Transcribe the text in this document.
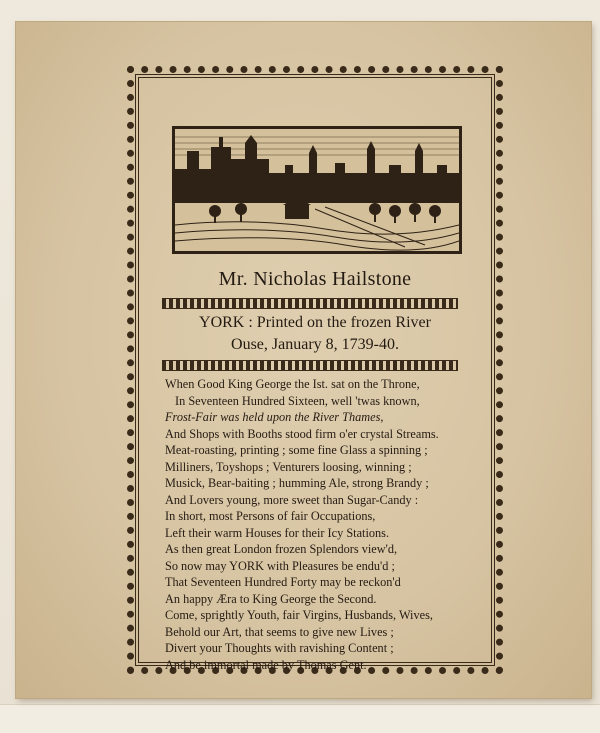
Mr. Nicholas Hailstone
YORK : Printed on the frozen River
Ouse, January 8, 1739-40.
When Good King George the Ist. sat on the Throne,
In Seventeen Hundred Sixteen, well 'twas known,
Frost-Fair was held upon the River Thames,
And Shops with Booths stood firm o'er crystal Streams.
Meat-roasting, printing ; some fine Glass a spinning ;
Milliners, Toyshops ; Venturers loosing, winning ;
Musick, Bear-baiting ; humming Ale, strong Brandy ;
And Lovers young, more sweet than Sugar-Candy :
In short, most Persons of fair Occupations,
Left their warm Houses for their Icy Stations.
As then great London frozen Splendors view'd,
So now may YORK with Pleasures be endu'd ;
That Seventeen Hundred Forty may be reckon'd
An happy Æra to King George the Second.
Come, sprightly Youth, fair Virgins, Husbands, Wives,
Behold our Art, that seems to give new Lives ;
Divert your Thoughts with ravishing Content ;
And be immortal made by Thomas Gent.
